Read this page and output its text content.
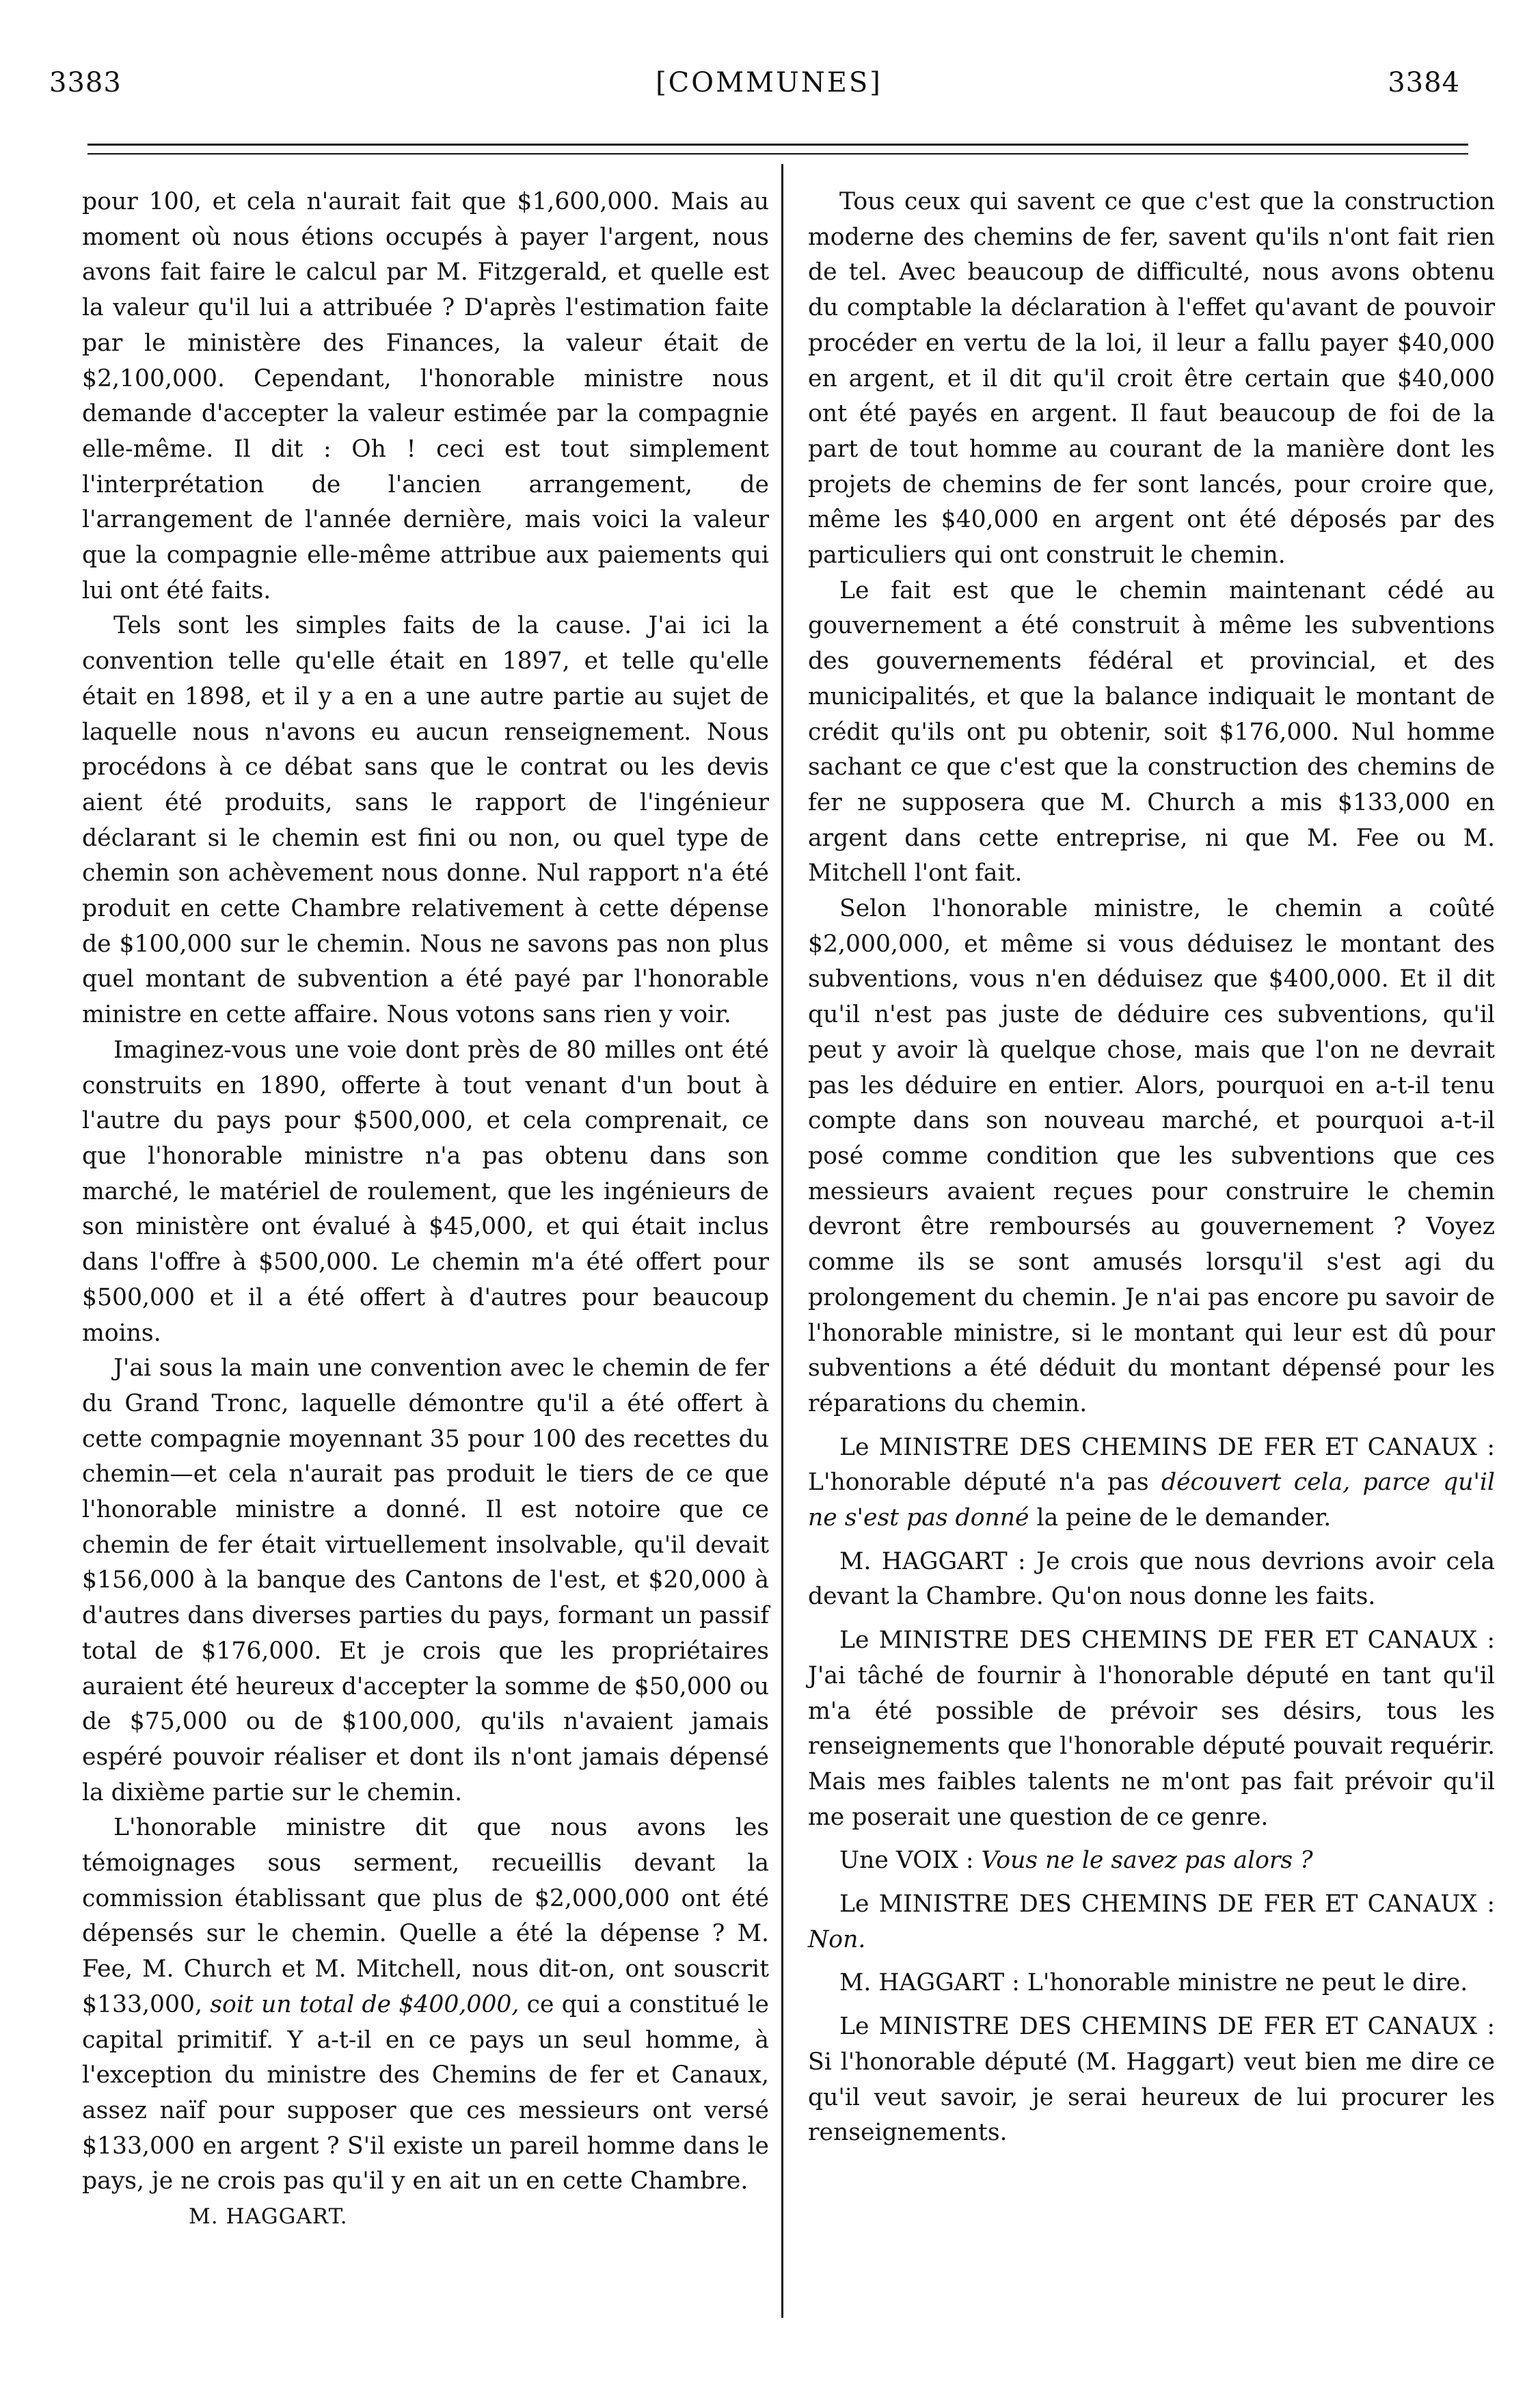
3383	[COMMUNES]	3384

pour 100, et cela n'aurait fait que $1,600,000. Mais au moment où nous étions occupés à payer l'argent, nous avons fait faire le calcul par M. Fitzgerald, et quelle est la valeur qu'il lui a attribuée ? D'après l'estimation faite par le ministère des Finances, la valeur était de $2,100,000. Cependant, l'honorable ministre nous demande d'accepter la valeur estimée par la compagnie elle-même. Il dit : Oh ! ceci est tout simplement l'interprétation de l'ancien arrangement, de l'arrangement de l'année dernière, mais voici la valeur que la compagnie elle-même attribue aux paiements qui lui ont été faits.

Tels sont les simples faits de la cause. J'ai ici la convention telle qu'elle était en 1897, et telle qu'elle était en 1898, et il y a en a une autre partie au sujet de laquelle nous n'avons eu aucun renseignement. Nous procédons à ce débat sans que le contrat ou les devis aient été produits, sans le rapport de l'ingénieur déclarant si le chemin est fini ou non, ou quel type de chemin son achèvement nous donne. Nul rapport n'a été produit en cette Chambre relativement à cette dépense de $100,000 sur le chemin. Nous ne savons pas non plus quel montant de subvention a été payé par l'honorable ministre en cette affaire. Nous votons sans rien y voir.

Imaginez-vous une voie dont près de 80 milles ont été construits en 1890, offerte à tout venant d'un bout à l'autre du pays pour $500,000, et cela comprenait, ce que l'honorable ministre n'a pas obtenu dans son marché, le matériel de roulement, que les ingénieurs de son ministère ont évalué à $45,000, et qui était inclus dans l'offre à $500,000. Le chemin m'a été offert pour $500,000 et il a été offert à d'autres pour beaucoup moins.

J'ai sous la main une convention avec le chemin de fer du Grand Tronc, laquelle démontre qu'il a été offert à cette compagnie moyennant 35 pour 100 des recettes du chemin—et cela n'aurait pas produit le tiers de ce que l'honorable ministre a donné. Il est notoire que ce chemin de fer était virtuellement insolvable, qu'il devait $156,000 à la banque des Cantons de l'est, et $20,000 à d'autres dans diverses parties du pays, formant un passif total de $176,000. Et je crois que les propriétaires auraient été heureux d'accepter la somme de $50,000 ou de $75,000 ou de $100,000, qu'ils n'avaient jamais espéré pouvoir réaliser et dont ils n'ont jamais dépensé la dixième partie sur le chemin.

L'honorable ministre dit que nous avons les témoignages sous serment, recueillis devant la commission établissant que plus de $2,000,000 ont été dépensés sur le chemin. Quelle a été la dépense ? M. Fee, M. Church et M. Mitchell, nous dit-on, ont souscrit $133,000, soit un total de $400,000, ce qui a constitué le capital primitif. Y a-t-il en ce pays un seul homme, à l'exception du ministre des Chemins de fer et Canaux, assez naïf pour supposer que ces messieurs ont versé $133,000 en argent ? S'il existe un pareil homme dans le pays, je ne crois pas qu'il y en ait un en cette Chambre.

M. HAGGART.

Tous ceux qui savent ce que c'est que la construction moderne des chemins de fer, savent qu'ils n'ont fait rien de tel. Avec beaucoup de difficulté, nous avons obtenu du comptable la déclaration à l'effet qu'avant de pouvoir procéder en vertu de la loi, il leur a fallu payer $40,000 en argent, et il dit qu'il croit être certain que $40,000 ont été payés en argent. Il faut beaucoup de foi de la part de tout homme au courant de la manière dont les projets de chemins de fer sont lancés, pour croire que, même les $40,000 en argent ont été déposés par des particuliers qui ont construit le chemin.

Le fait est que le chemin maintenant cédé au gouvernement a été construit à même les subventions des gouvernements fédéral et provincial, et des municipalités, et que la balance indiquait le montant de crédit qu'ils ont pu obtenir, soit $176,000. Nul homme sachant ce que c'est que la construction des chemins de fer ne supposera que M. Church a mis $133,000 en argent dans cette entreprise, ni que M. Fee ou M. Mitchell l'ont fait.

Selon l'honorable ministre, le chemin a coûté $2,000,000, et même si vous déduisez le montant des subventions, vous n'en déduisez que $400,000. Et il dit qu'il n'est pas juste de déduire ces subventions, qu'il peut y avoir là quelque chose, mais que l'on ne devrait pas les déduire en entier. Alors, pourquoi en a-t-il tenu compte dans son nouveau marché, et pourquoi a-t-il posé comme condition que les subventions que ces messieurs avaient reçues pour construire le chemin devront être remboursés au gouvernement ? Voyez comme ils se sont amusés lorsqu'il s'est agi du prolongement du chemin. Je n'ai pas encore pu savoir de l'honorable ministre, si le montant qui leur est dû pour subventions a été déduit du montant dépensé pour les réparations du chemin.

Le MINISTRE DES CHEMINS DE FER ET CANAUX : L'honorable député n'a pas découvert cela, parce qu'il ne s'est pas donné la peine de le demander.

M. HAGGART : Je crois que nous devrions avoir cela devant la Chambre. Qu'on nous donne les faits.

Le MINISTRE DES CHEMINS DE FER ET CANAUX : J'ai tâché de fournir à l'honorable député en tant qu'il m'a été possible de prévoir ses désirs, tous les renseignements que l'honorable député pouvait requérir. Mais mes faibles talents ne m'ont pas fait prévoir qu'il me poserait une question de ce genre.

Une VOIX : Vous ne le savez pas alors ?

Le MINISTRE DES CHEMINS DE FER ET CANAUX : Non.

M. HAGGART : L'honorable ministre ne peut le dire.

Le MINISTRE DES CHEMINS DE FER ET CANAUX : Si l'honorable député (M. Haggart) veut bien me dire ce qu'il veut savoir, je serai heureux de lui procurer les renseignements.
